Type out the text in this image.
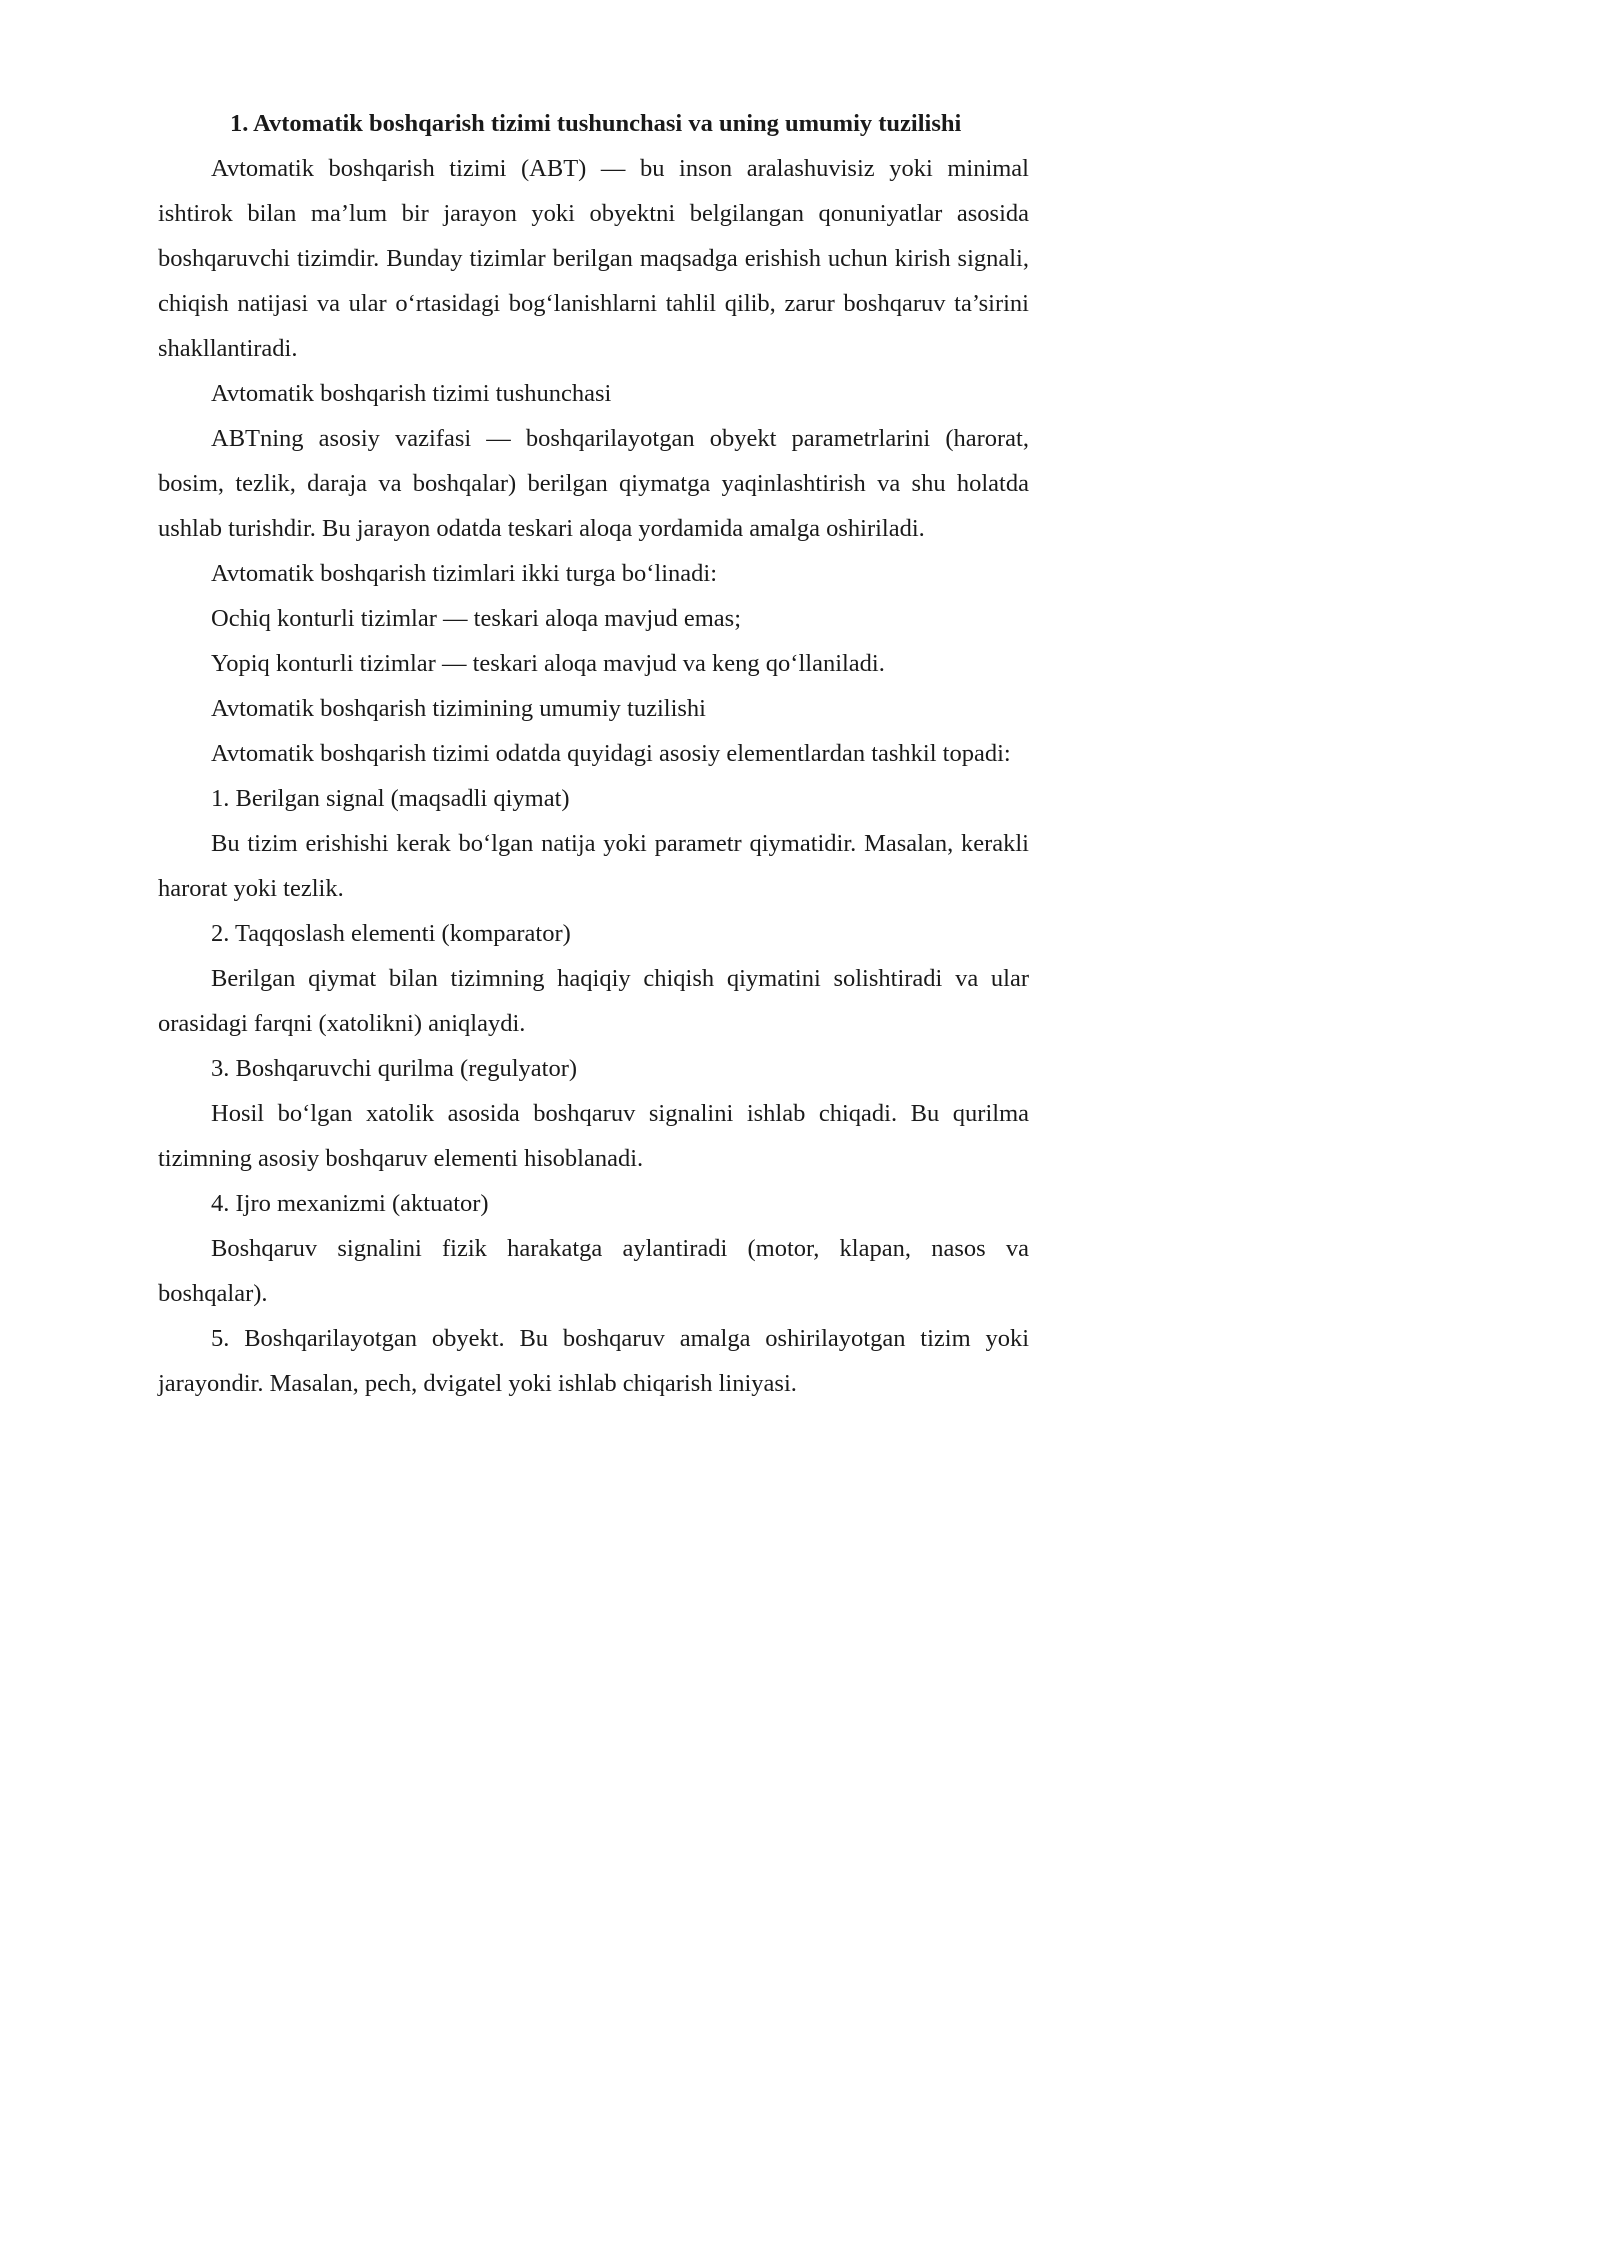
1. Avtomatik boshqarish tizimi tushunchasi va uning umumiy tuzilishi

Avtomatik boshqarish tizimi (ABT) — bu inson aralashuvisiz yoki minimal ishtirok bilan ma’lum bir jarayon yoki obyektni belgilangan qonuniyatlar asosida boshqaruvchi tizimdir. Bunday tizimlar berilgan maqsadga erishish uchun kirish signali, chiqish natijasi va ular o‘rtasidagi bog‘lanishlarni tahlil qilib, zarur boshqaruv ta’sirini shakllantiradi.

Avtomatik boshqarish tizimi tushunchasi

ABTning asosiy vazifasi — boshqarilayotgan obyekt parametrlarini (harorat, bosim, tezlik, daraja va boshqalar) berilgan qiymatga yaqinlashtirish va shu holatda ushlab turishdir. Bu jarayon odatda teskari aloqa yordamida amalga oshiriladi.

Avtomatik boshqarish tizimlari ikki turga bo‘linadi:

Ochiq konturli tizimlar — teskari aloqa mavjud emas;

Yopiq konturli tizimlar — teskari aloqa mavjud va keng qo‘llaniladi.

Avtomatik boshqarish tizimining umumiy tuzilishi

Avtomatik boshqarish tizimi odatda quyidagi asosiy elementlardan tashkil topadi:

1. Berilgan signal (maqsadli qiymat)

Bu tizim erishishi kerak bo‘lgan natija yoki parametr qiymatidir. Masalan, kerakli harorat yoki tezlik.

2. Taqqoslash elementi (komparator)

Berilgan qiymat bilan tizimning haqiqiy chiqish qiymatini solishtiradi va ular orasidagi farqni (xatolikni) aniqlaydi.

3. Boshqaruvchi qurilma (regulyator)

Hosil bo‘lgan xatolik asosida boshqaruv signalini ishlab chiqadi. Bu qurilma tizimning asosiy boshqaruv elementi hisoblanadi.

4. Ijro mexanizmi (aktuator)

Boshqaruv signalini fizik harakatga aylantiradi (motor, klapan, nasos va boshqalar).

5. Boshqarilayotgan obyekt. Bu boshqaruv amalga oshirilayotgan tizim yoki jarayondir. Masalan, pech, dvigatel yoki ishlab chiqarish liniyasi.
